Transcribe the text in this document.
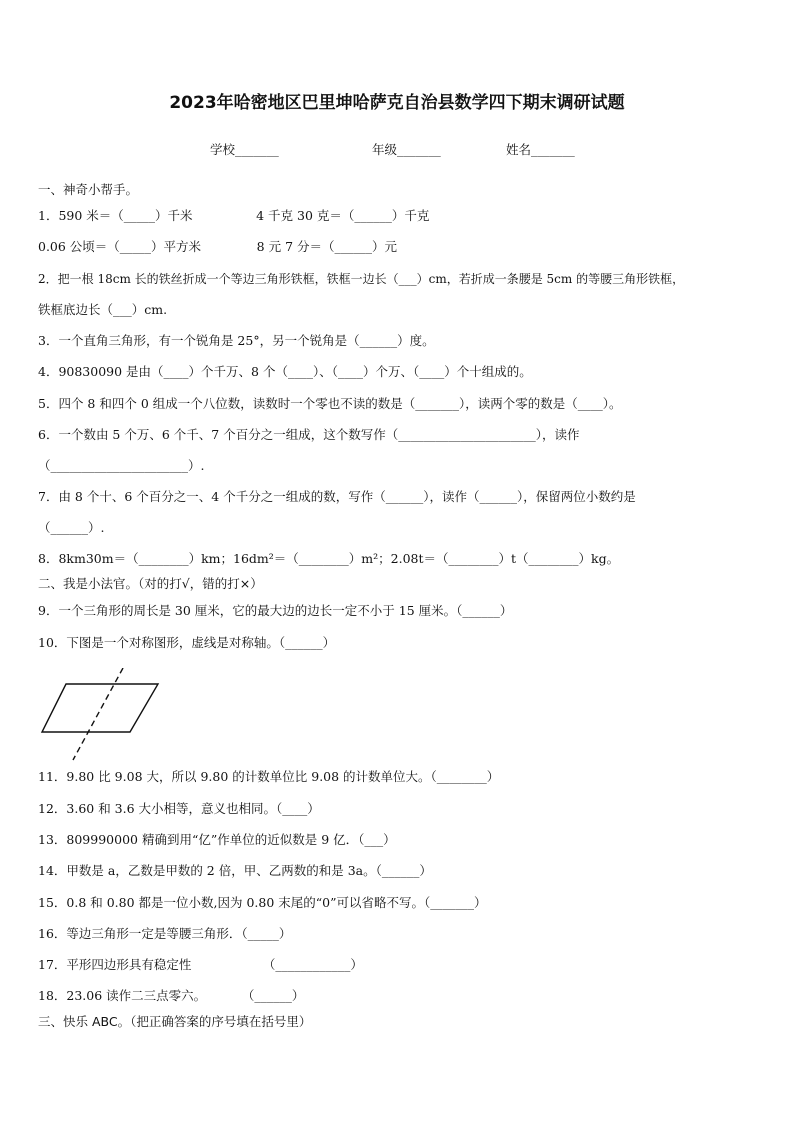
2023年哈密地区巴里坤哈萨克自治县数学四下期末调研试题
学校_______	年级_______	姓名_______
一、神奇小帮手。
1．590 米＝（_____）千米                4 千克 30 克＝（______）千克
0.06 公顷＝（_____）平方米              8 元 7 分＝（______）元
2．把一根 18cm 长的铁丝折成一个等边三角形铁框，铁框一边长（___）cm，若折成一条腰是 5cm 的等腰三角形铁框，
铁框底边长（___）cm.
3．一个直角三角形，有一个锐角是 25°，另一个锐角是（______）度。
4．90830090 是由（____）个千万、8 个（____）、（____）个万、（____）个十组成的。
5．四个 8 和四个 0 组成一个八位数，读数时一个零也不读的数是（_______），读两个零的数是（____）。
6．一个数由 5 个万、6 个千、7 个百分之一组成，这个数写作（______________________），读作
（______________________）.
7．由 8 个十、6 个百分之一、4 个千分之一组成的数，写作（______），读作（______），保留两位小数约是
（______）.
8．8km30m＝（________）km；16dm²＝（________）m²；2.08t＝（________）t（________）kg。
二、我是小法官。（对的打√，错的打×）
9．一个三角形的周长是 30 厘米，它的最大边的边长一定不小于 15 厘米。（______）
10．下图是一个对称图形，虚线是对称轴。（______）
11．9.80 比 9.08 大，所以 9.80 的计数单位比 9.08 的计数单位大。（________）
12．3.60 和 3.6 大小相等，意义也相同。（____）
13．809990000 精确到用“亿”作单位的近似数是 9 亿．（___）
14．甲数是 a，乙数是甲数的 2 倍，甲、乙两数的和是 3a。（______）
15．0.8 和 0.80 都是一位小数,因为 0.80 末尾的“0”可以省略不写。（_______）
16．等边三角形一定是等腰三角形．（_____）
17．平形四边形具有稳定性                  （____________）
18．23.06 读作二三点零六。         （______）
三、快乐 ABC。（把正确答案的序号填在括号里）
